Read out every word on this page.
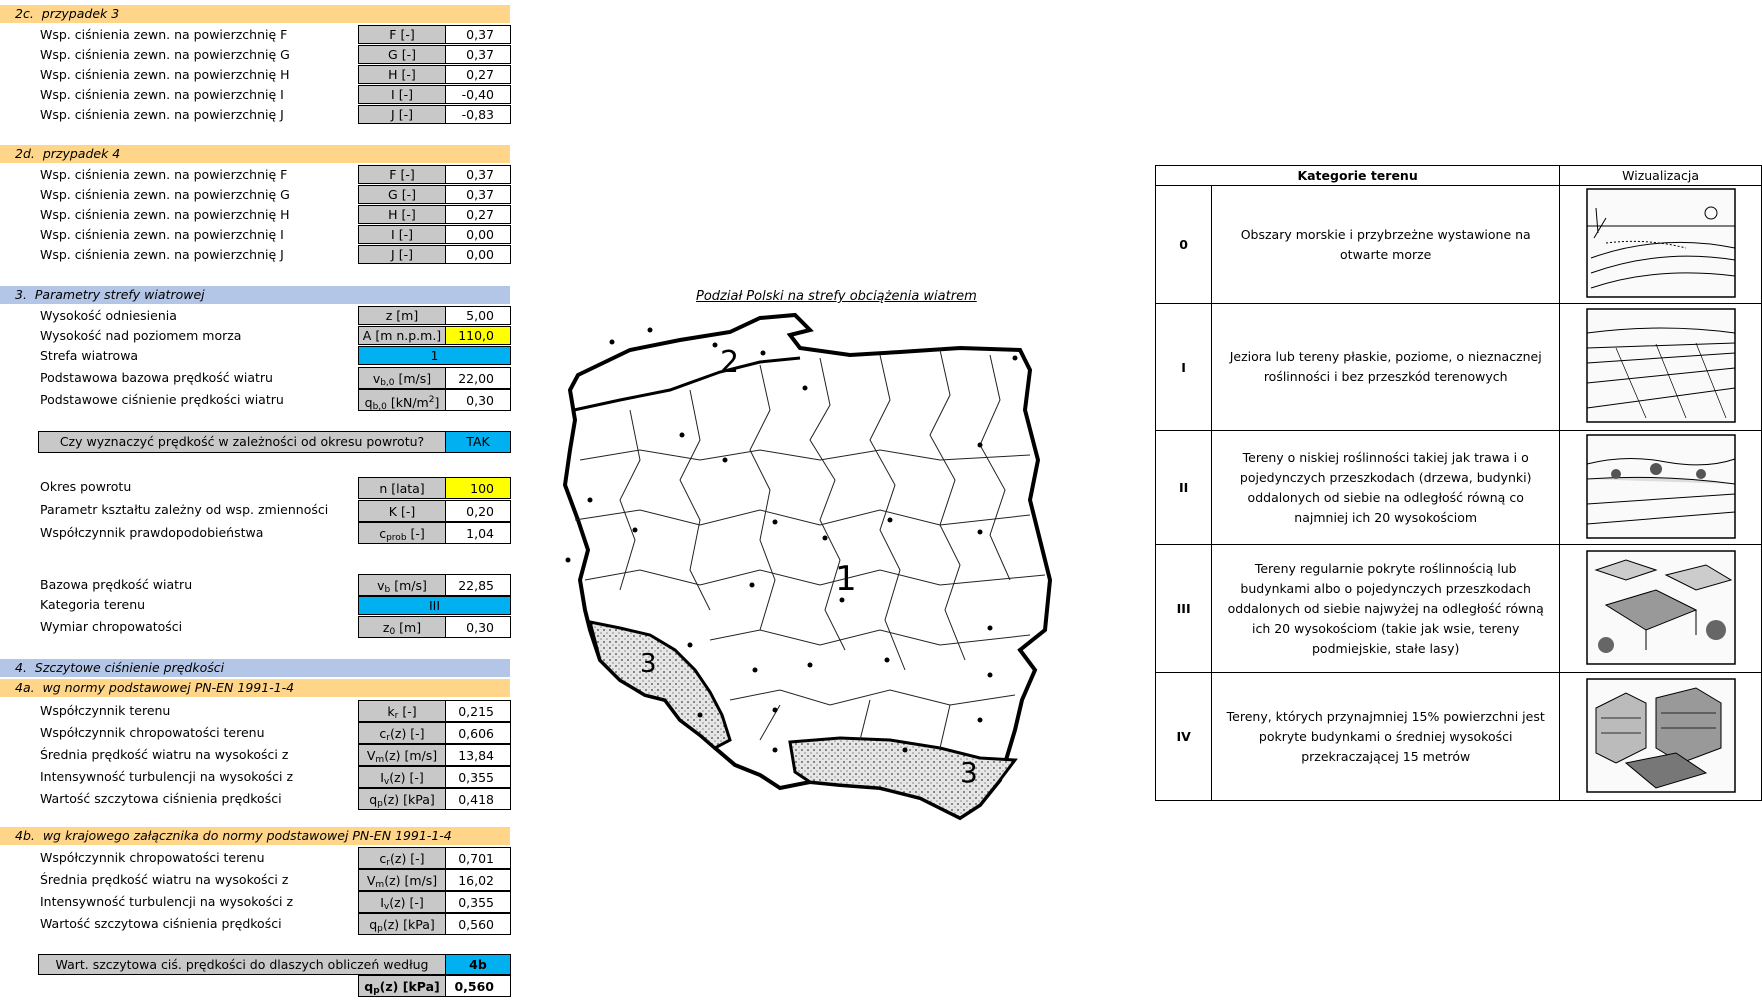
2c. przypadek 3
Wsp. ciśnienia zewn. na powierzchnię F	F [-]	0,37
Wsp. ciśnienia zewn. na powierzchnię G	G [-]	0,37
Wsp. ciśnienia zewn. na powierzchnię H	H [-]	0,27
Wsp. ciśnienia zewn. na powierzchnię I	I [-]	-0,40
Wsp. ciśnienia zewn. na powierzchnię J	J [-]	-0,83
2d. przypadek 4
Wsp. ciśnienia zewn. na powierzchnię F	F [-]	0,37
Wsp. ciśnienia zewn. na powierzchnię G	G [-]	0,37
Wsp. ciśnienia zewn. na powierzchnię H	H [-]	0,27
Wsp. ciśnienia zewn. na powierzchnię I	I [-]	0,00
Wsp. ciśnienia zewn. na powierzchnię J	J [-]	0,00
3. Parametry strefy wiatrowej
Wysokość odniesienia	z [m]	5,00
Wysokość nad poziomem morza	A [m n.p.m.]	110,0
Strefa wiatrowa	1
Podstawowa bazowa prędkość wiatru	$v_{b,0}$ [m/s]	22,00
Podstawowe ciśnienie prędkości wiatru	$q_{b,0}$ $[kN/m^2]$	0,30
Czy wyznaczyć prędkość w zależności od okresu powrotu?	TAK
Okres powrotu	n [lata]	100
Parametr kształtu zależny od wsp. zmienności	K [-]	0,20
Współczynnik prawdopodobieństwa	$c_{prob}$ [-]	1,04
Bazowa prędkość wiatru	$v_b$ [m/s]	22,85
Kategoria terenu	III
Wymiar chropowatości	$z_0$ [m]	0,30
4. Szczytowe ciśnienie prędkości
4a. wg normy podstawowej PN-EN 1991-1-4
Współczynnik terenu	$k_r$ [-]	0,215
Współczynnik chropowatości terenu	$c_r(z)$ [-]	0,606
Średnia prędkość wiatru na wysokości z	$V_m(z)$ [m/s]	13,84
Intensywność turbulencji na wysokości z	$I_v(z)$ [-]	0,355
Wartość szczytowa ciśnienia prędkości	$q_p(z)$ [kPa]	0,418
4b. wg krajowego załącznika do normy podstawowej PN-EN 1991-1-4
Współczynnik chropowatości terenu	$c_r(z)$ [-]	0,701
Średnia prędkość wiatru na wysokości z	$V_m(z)$ [m/s]	16,02
Intensywność turbulencji na wysokości z	$I_v(z)$ [-]	0,355
Wartość szczytowa ciśnienia prędkości	$q_p(z)$ [kPa]	0,560
Wart. szczytowa ciś. prędkości do dlaszych obliczeń według	4b
$q_p(z)$ [kPa]	0,560
Podział Polski na strefy obciążenia wiatrem
1
2
3
3
Kategorie terenu		Wizualizacja
0	Obszary morskie i przybrzeżne wystawione na otwarte morze	
I	Jeziora lub tereny płaskie, poziome, o nieznacznej roślinności i bez przeszkód terenowych	
II	Tereny o niskiej roślinności takiej jak trawa i o pojedynczych przeszkodach (drzewa, budynki) oddalonych od siebie na odległość równą co najmniej ich 20 wysokościom	
III	Tereny regularnie pokryte roślinnością lub budynkami albo o pojedynczych przeszkodach oddalonych od siebie najwyżej na odległość równą ich 20 wysokościom (takie jak wsie, tereny podmiejskie, stałe lasy)	
IV	Tereny, których przynajmniej 15% powierzchni jest pokryte budynkami o średniej wysokości przekraczającej 15 metrów	
